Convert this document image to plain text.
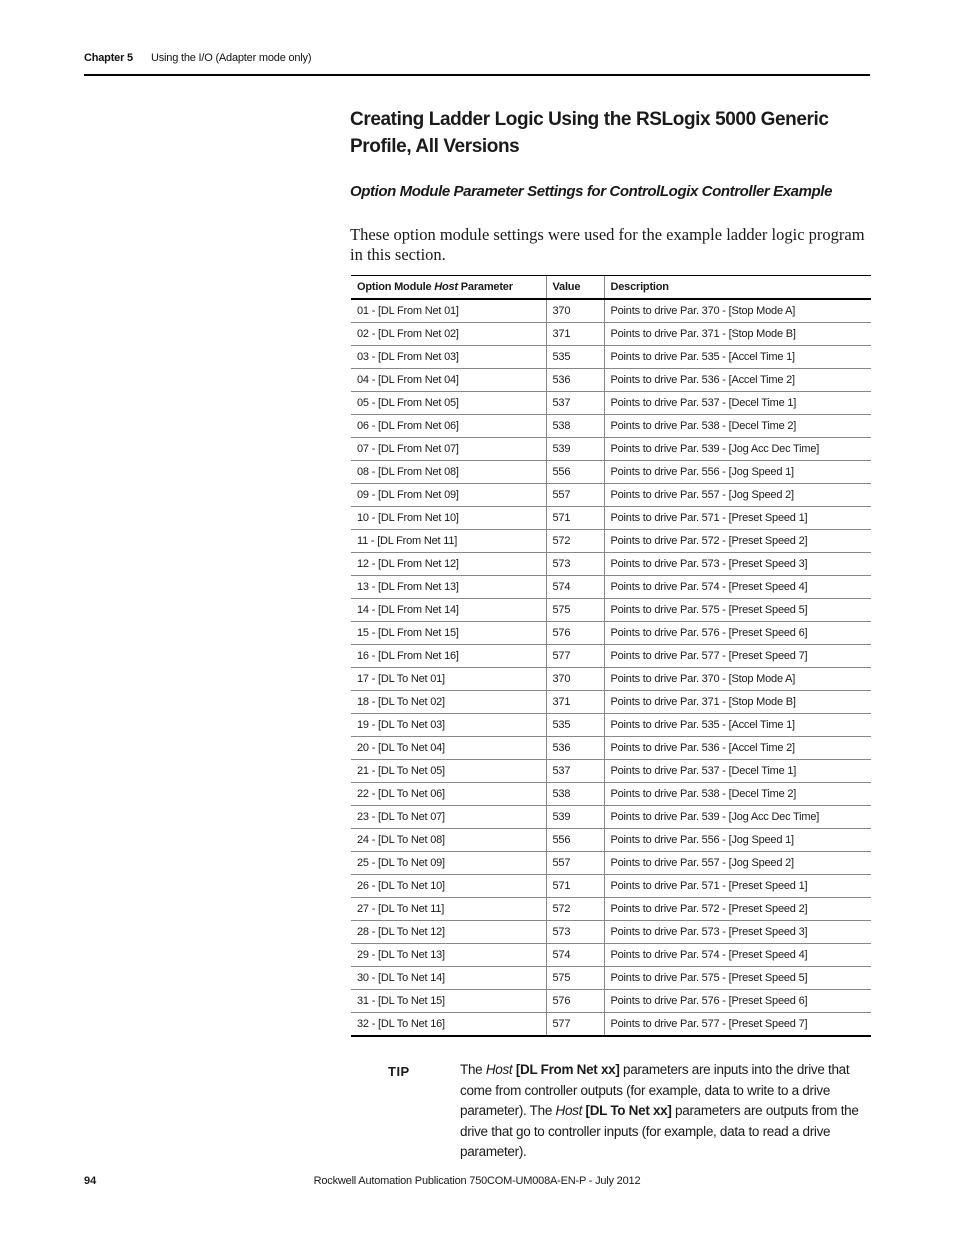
Chapter 5 Using the I/O (Adapter mode only)
Creating Ladder Logic Using the RSLogix 5000 Generic Profile, All Versions
Option Module Parameter Settings for ControlLogix Controller Example

These option module settings were used for the example ladder logic program in this section.

Option Module Host Parameter	Value	Description
01 - [DL From Net 01]	370	Points to drive Par. 370 - [Stop Mode A]
02 - [DL From Net 02]	371	Points to drive Par. 371 - [Stop Mode B]
03 - [DL From Net 03]	535	Points to drive Par. 535 - [Accel Time 1]
04 - [DL From Net 04]	536	Points to drive Par. 536 - [Accel Time 2]
05 - [DL From Net 05]	537	Points to drive Par. 537 - [Decel Time 1]
06 - [DL From Net 06]	538	Points to drive Par. 538 - [Decel Time 2]
07 - [DL From Net 07]	539	Points to drive Par. 539 - [Jog Acc Dec Time]
08 - [DL From Net 08]	556	Points to drive Par. 556 - [Jog Speed 1]
09 - [DL From Net 09]	557	Points to drive Par. 557 - [Jog Speed 2]
10 - [DL From Net 10]	571	Points to drive Par. 571 - [Preset Speed 1]
11 - [DL From Net 11]	572	Points to drive Par. 572 - [Preset Speed 2]
12 - [DL From Net 12]	573	Points to drive Par. 573 - [Preset Speed 3]
13 - [DL From Net 13]	574	Points to drive Par. 574 - [Preset Speed 4]
14 - [DL From Net 14]	575	Points to drive Par. 575 - [Preset Speed 5]
15 - [DL From Net 15]	576	Points to drive Par. 576 - [Preset Speed 6]
16 - [DL From Net 16]	577	Points to drive Par. 577 - [Preset Speed 7]
17 - [DL To Net 01]	370	Points to drive Par. 370 - [Stop Mode A]
18 - [DL To Net 02]	371	Points to drive Par. 371 - [Stop Mode B]
19 - [DL To Net 03]	535	Points to drive Par. 535 - [Accel Time 1]
20 - [DL To Net 04]	536	Points to drive Par. 536 - [Accel Time 2]
21 - [DL To Net 05]	537	Points to drive Par. 537 - [Decel Time 1]
22 - [DL To Net 06]	538	Points to drive Par. 538 - [Decel Time 2]
23 - [DL To Net 07]	539	Points to drive Par. 539 - [Jog Acc Dec Time]
24 - [DL To Net 08]	556	Points to drive Par. 556 - [Jog Speed 1]
25 - [DL To Net 09]	557	Points to drive Par. 557 - [Jog Speed 2]
26 - [DL To Net 10]	571	Points to drive Par. 571 - [Preset Speed 1]
27 - [DL To Net 11]	572	Points to drive Par. 572 - [Preset Speed 2]
28 - [DL To Net 12]	573	Points to drive Par. 573 - [Preset Speed 3]
29 - [DL To Net 13]	574	Points to drive Par. 574 - [Preset Speed 4]
30 - [DL To Net 14]	575	Points to drive Par. 575 - [Preset Speed 5]
31 - [DL To Net 15]	576	Points to drive Par. 576 - [Preset Speed 6]
32 - [DL To Net 16]	577	Points to drive Par. 577 - [Preset Speed 7]
TIP	The Host [DL From Net xx] parameters are inputs into the drive that come from controller outputs (for example, data to write to a drive parameter). The Host [DL To Net xx] parameters are outputs from the drive that go to controller inputs (for example, data to read a drive parameter).

94	Rockwell Automation Publication 750COM-UM008A-EN-P - July 2012
